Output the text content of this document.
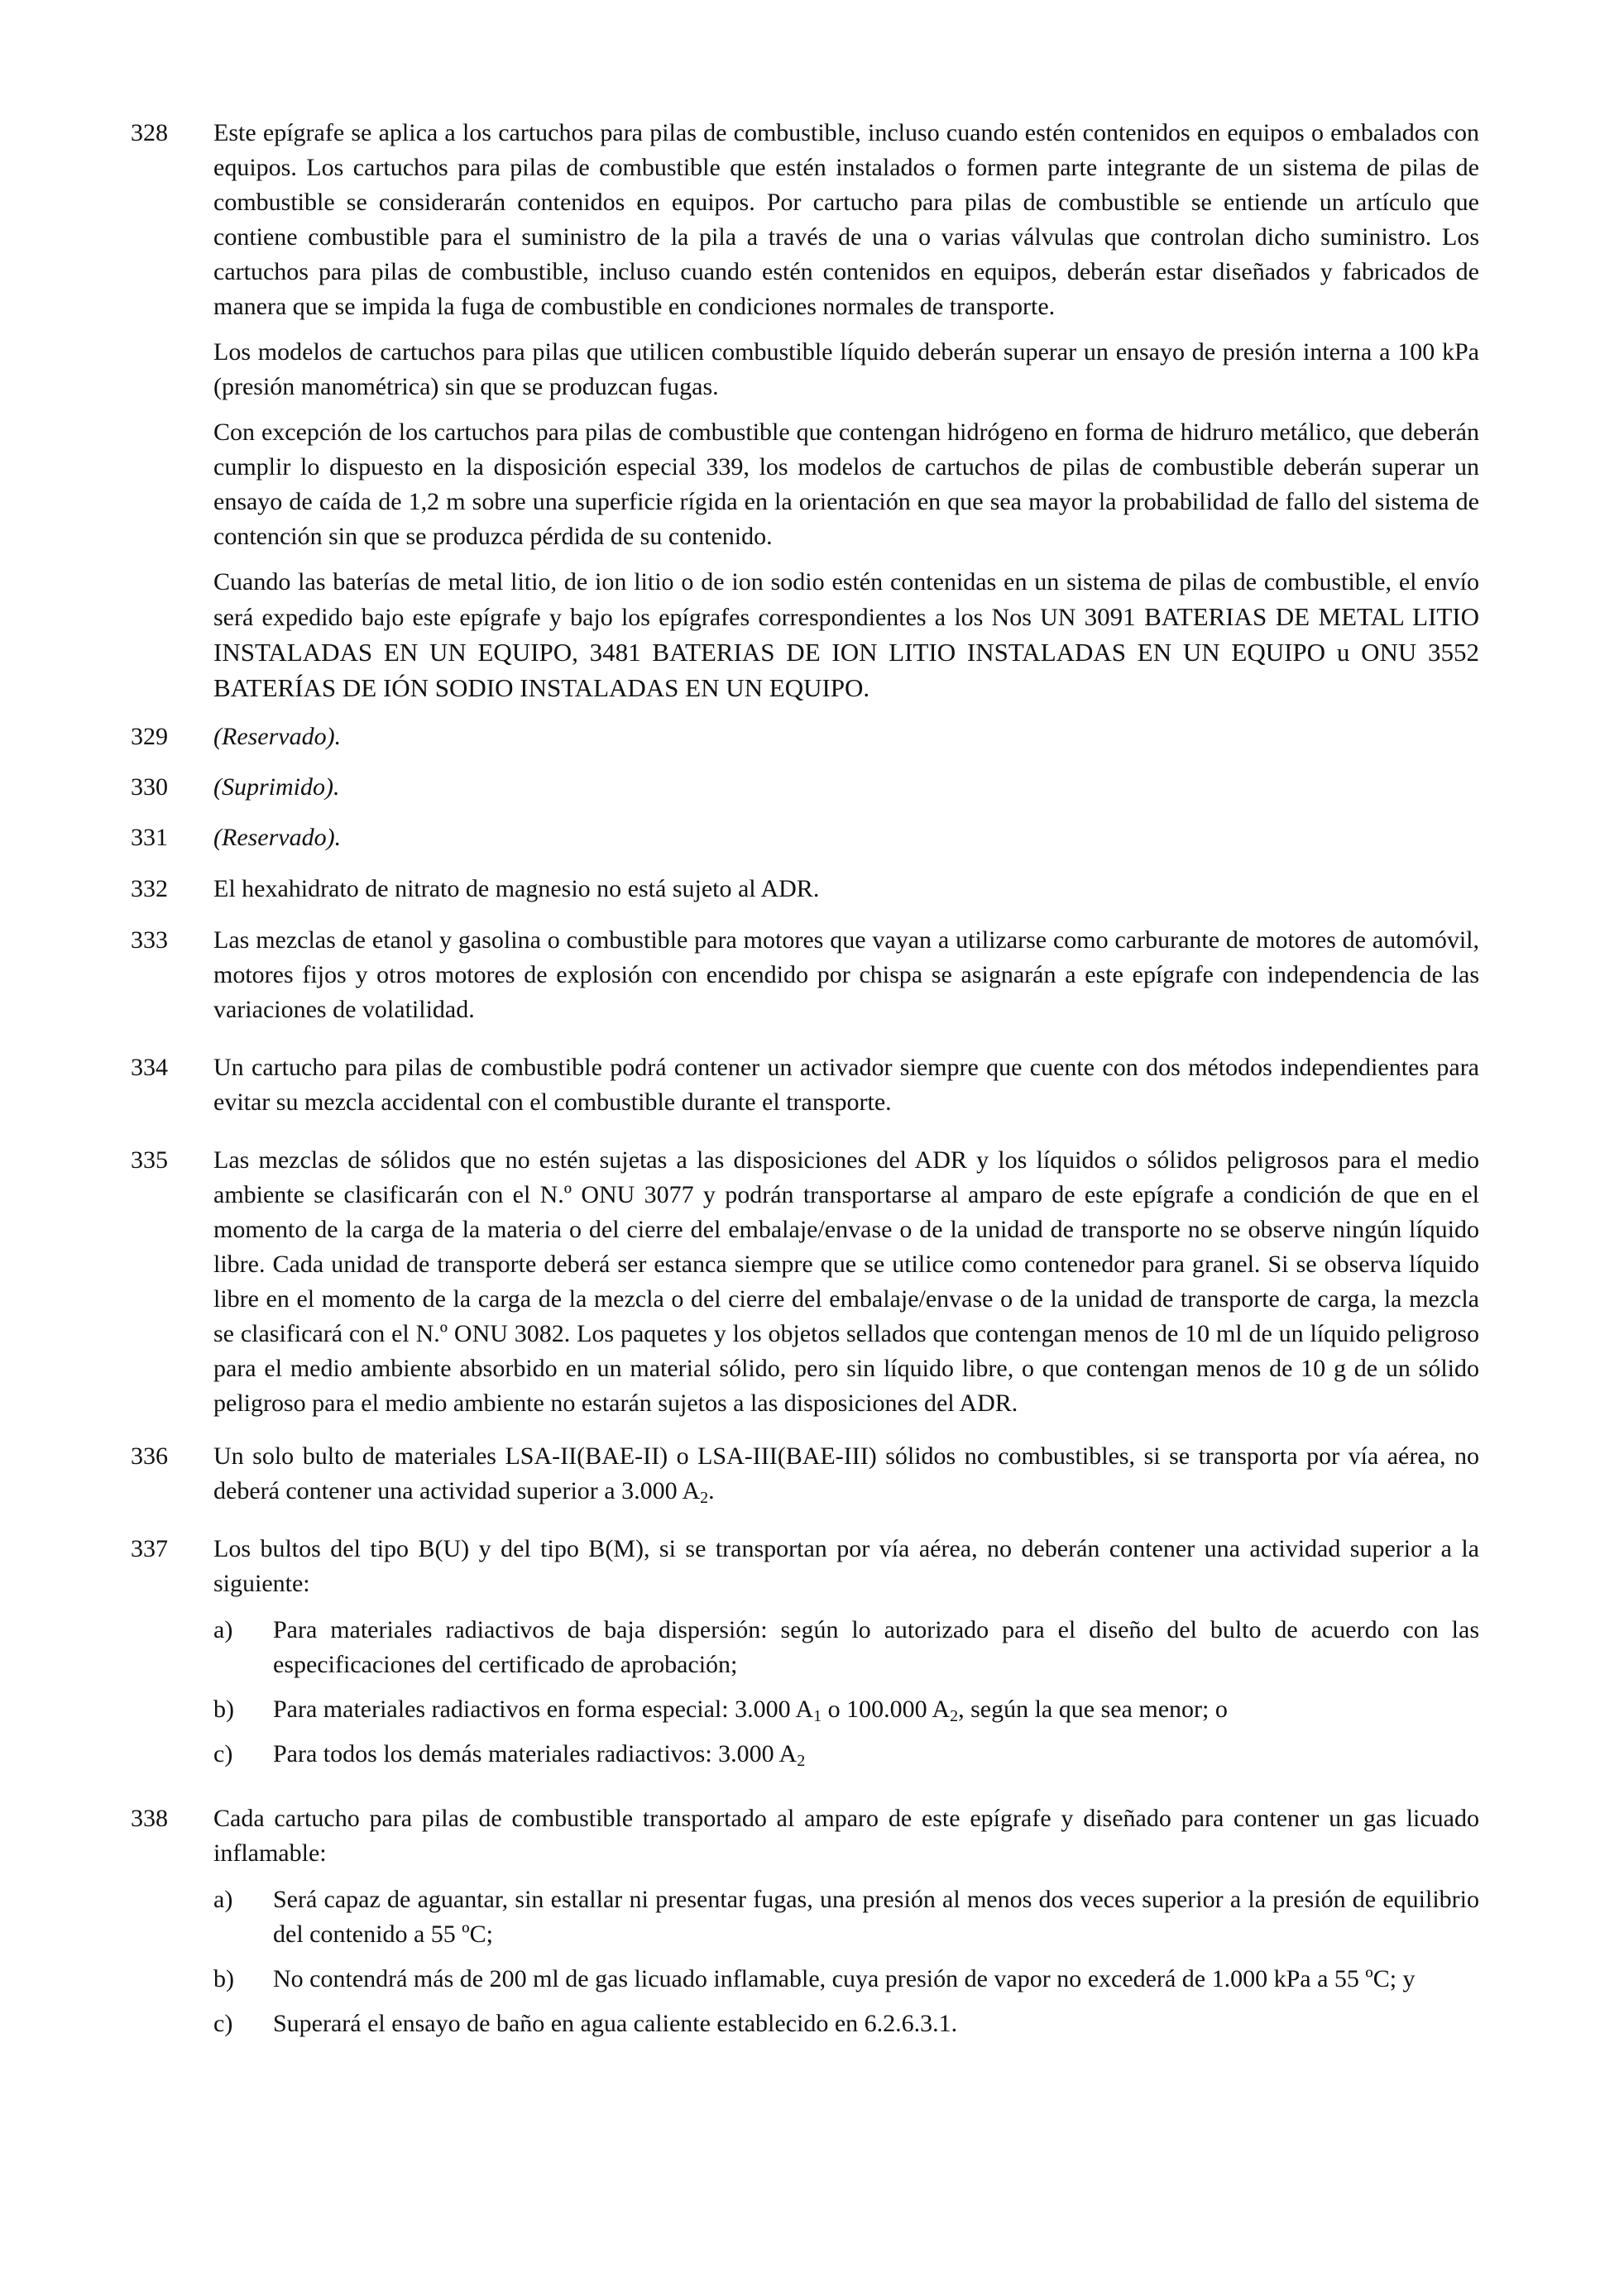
328 Este epígrafe se aplica a los cartuchos para pilas de combustible, incluso cuando estén contenidos en equipos o embalados con equipos. Los cartuchos para pilas de combustible que estén instalados o formen parte integrante de un sistema de pilas de combustible se considerarán contenidos en equipos. Por cartucho para pilas de combustible se entiende un artículo que contiene combustible para el suministro de la pila a través de una o varias válvulas que controlan dicho suministro. Los cartuchos para pilas de combustible, incluso cuando estén contenidos en equipos, deberán estar diseñados y fabricados de manera que se impida la fuga de combustible en condiciones normales de transporte.

Los modelos de cartuchos para pilas que utilicen combustible líquido deberán superar un ensayo de presión interna a 100 kPa (presión manométrica) sin que se produzcan fugas.

Con excepción de los cartuchos para pilas de combustible que contengan hidrógeno en forma de hidruro metálico, que deberán cumplir lo dispuesto en la disposición especial 339, los modelos de cartuchos de pilas de combustible deberán superar un ensayo de caída de 1,2 m sobre una superficie rígida en la orientación en que sea mayor la probabilidad de fallo del sistema de contención sin que se produzca pérdida de su contenido.

Cuando las baterías de metal litio, de ion litio o de ion sodio estén contenidas en un sistema de pilas de combustible, el envío será expedido bajo este epígrafe y bajo los epígrafes correspondientes a los Nos UN 3091 BATERIAS DE METAL LITIO INSTALADAS EN UN EQUIPO, 3481 BATERIAS DE ION LITIO INSTALADAS EN UN EQUIPO u ONU 3552 BATERÍAS DE IÓN SODIO INSTALADAS EN UN EQUIPO.

329 (Reservado).

330 (Suprimido).

331 (Reservado).

332 El hexahidrato de nitrato de magnesio no está sujeto al ADR.

333 Las mezclas de etanol y gasolina o combustible para motores que vayan a utilizarse como carburante de motores de automóvil, motores fijos y otros motores de explosión con encendido por chispa se asignarán a este epígrafe con independencia de las variaciones de volatilidad.

334 Un cartucho para pilas de combustible podrá contener un activador siempre que cuente con dos métodos independientes para evitar su mezcla accidental con el combustible durante el transporte.

335 Las mezclas de sólidos que no estén sujetas a las disposiciones del ADR y los líquidos o sólidos peligrosos para el medio ambiente se clasificarán con el N.º ONU 3077 y podrán transportarse al amparo de este epígrafe a condición de que en el momento de la carga de la materia o del cierre del embalaje/envase o de la unidad de transporte no se observe ningún líquido libre. Cada unidad de transporte deberá ser estanca siempre que se utilice como contenedor para granel. Si se observa líquido libre en el momento de la carga de la mezcla o del cierre del embalaje/envase o de la unidad de transporte de carga, la mezcla se clasificará con el N.º ONU 3082. Los paquetes y los objetos sellados que contengan menos de 10 ml de un líquido peligroso para el medio ambiente absorbido en un material sólido, pero sin líquido libre, o que contengan menos de 10 g de un sólido peligroso para el medio ambiente no estarán sujetos a las disposiciones del ADR.

336 Un solo bulto de materiales LSA-II(BAE-II) o LSA-III(BAE-III) sólidos no combustibles, si se transporta por vía aérea, no deberá contener una actividad superior a 3.000 $A_2$.

337 Los bultos del tipo B(U) y del tipo B(M), si se transportan por vía aérea, no deberán contener una actividad superior a la siguiente:

a) Para materiales radiactivos de baja dispersión: según lo autorizado para el diseño del bulto de acuerdo con las especificaciones del certificado de aprobación;
b) Para materiales radiactivos en forma especial: 3.000 $A_1$ o 100.000 $A_2$, según la que sea menor; o
c) Para todos los demás materiales radiactivos: 3.000 $A_2$
338 Cada cartucho para pilas de combustible transportado al amparo de este epígrafe y diseñado para contener un gas licuado inflamable:

a) Será capaz de aguantar, sin estallar ni presentar fugas, una presión al menos dos veces superior a la presión de equilibrio del contenido a 55 ºC;
b) No contendrá más de 200 ml de gas licuado inflamable, cuya presión de vapor no excederá de 1.000 kPa a 55 ºC; y
c) Superará el ensayo de baño en agua caliente establecido en 6.2.6.3.1.
